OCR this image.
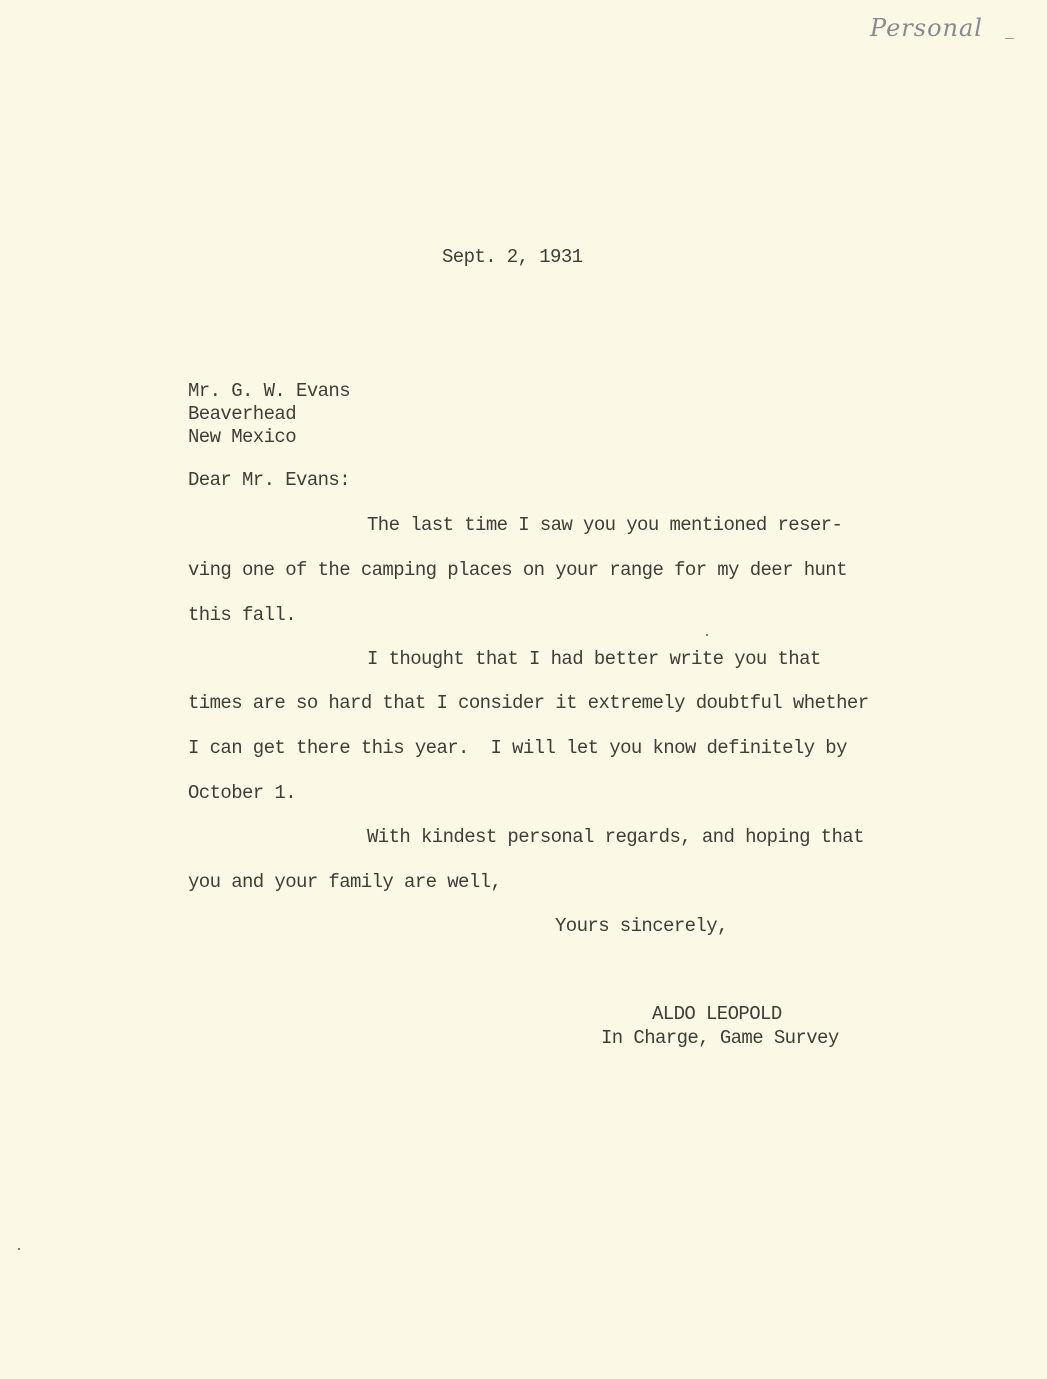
Personal
Sept. 2, 1931
Mr. G. W. Evans
Beaverhead
New Mexico
Dear Mr. Evans:
The last time I saw you you mentioned reser-
ving one of the camping places on your range for my deer hunt
this fall.
I thought that I had better write you that
times are so hard that I consider it extremely doubtful whether
I can get there this year.  I will let you know definitely by
October 1.
With kindest personal regards, and hoping that
you and your family are well,
Yours sincerely,
ALDO LEOPOLD
In Charge, Game Survey
